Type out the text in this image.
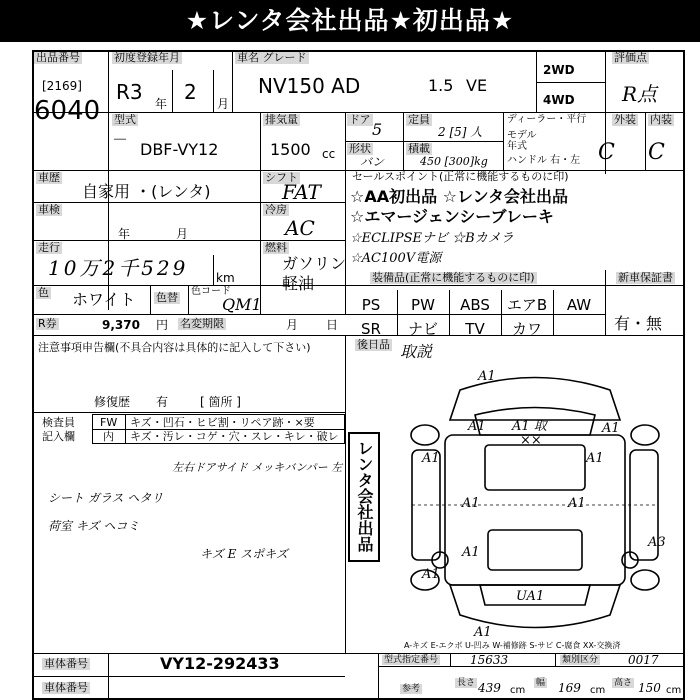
★レンタ会社出品★初出品★
出品番号
[2169]
6040
初度登録年月
R3 年 2 月
車名 グレード
NV150 AD	1.5 VE
2WD
4WD
評価点
R点
型式
－
DBF-VY12
排気量
1500 cc
ドア
5
定員
2 [5] 人
形状
バン
積載
450 [300]kg
ディーラー・平行
モデル
年式
ハンドル 右・左
外装 内装
C C
車歴
自家用 ・(レンタ)
シフト
FAT
車検
年	月
冷房
AC
走行
10万2千529 km
燃料
ガソリン
軽油
色 ホワイト 色替 色コード
QM1
R券	9,370 円 名変期限	月 日
セールスポイント(正常に機能するものに印)
☆AA初出品 ☆レンタ会社出品
☆エマージェンシーブレーキ
☆ECLIPSEナビ ☆Bカメラ
☆AC100V電源
装備品(正常に機能するものに印)	新車保証書
PS	PW	ABS	エアB	AW
SR	ナビ	TV	カワ	有・無
後日品 取説
注意事項申告欄(不具合内容は具体的に記入して下さい)
修復歴 有	[ 箇所 ]
検査員
記入欄
FW キズ・凹石・ヒビ割・リペア跡・×要
内 キズ・汚レ・コゲ・穴・スレ・キレ・破レ
左右ドアサイド メッキバンパー 左
シート ガラス ヘタリ
荷室 キズ ヘコミ
キズ E スポキズ
レンタ会社出品
A1
A1 A1 取
××
A1
A1	A1
A1	A1
A1
A1
A3
UA1
A1
A-キズ E-エクボ U-凹み W-補修跡 S-サビ C-腐食 XX-交換済
車体番号	VY12-292433
車体番号
型式指定番号	15633	類別区分 0017
参考
長さ 439 cm
幅 169 cm
高さ 150 cm
